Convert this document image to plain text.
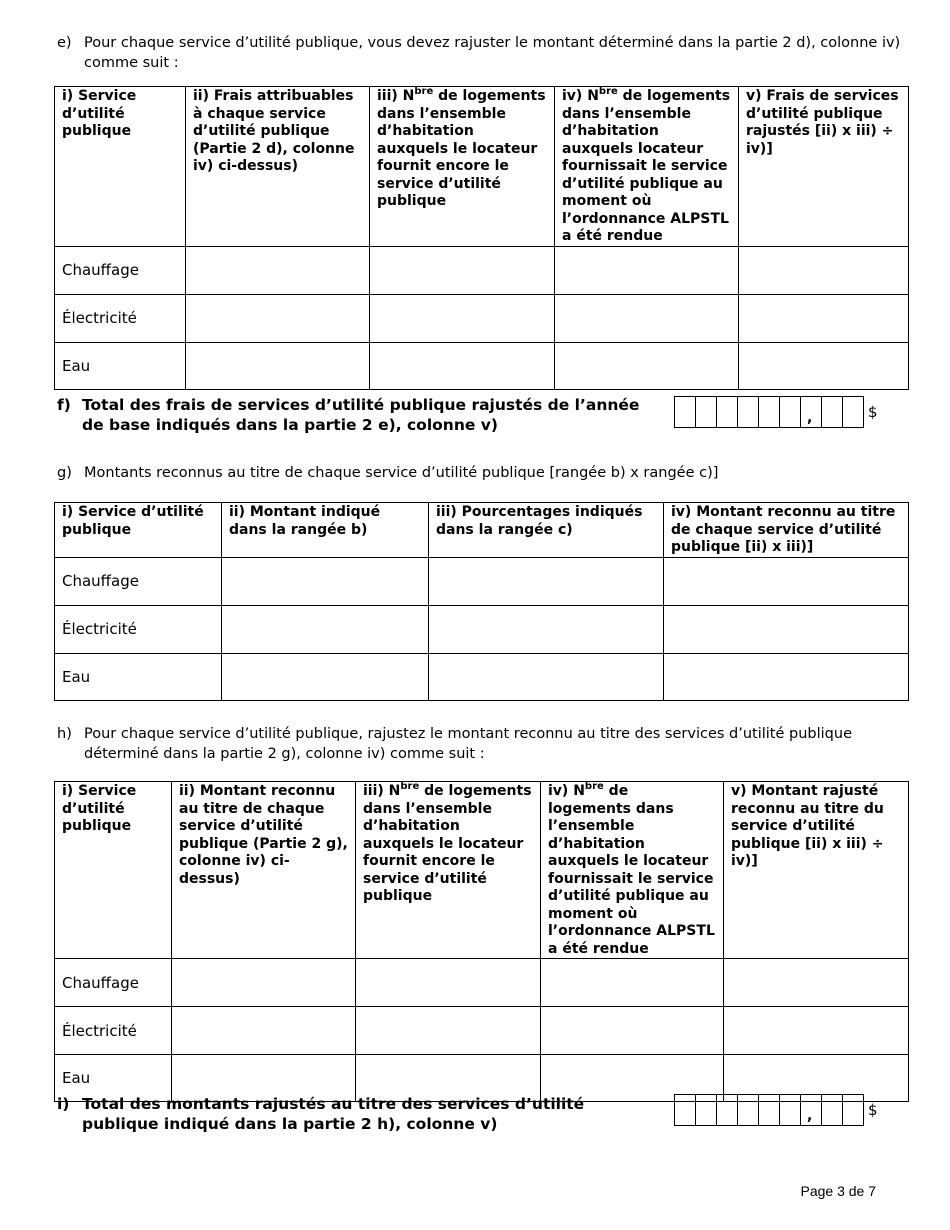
e) Pour chaque service d’utilité publique, vous devez rajuster le montant déterminé dans la partie 2 d), colonne iv) comme suit :
i) Service d’utilité publique	ii) Frais attribuables à chaque service d’utilité publique (Partie 2 d), colonne iv) ci-dessus)	iii) $N^{bre}$ de logements dans l’ensemble d’habitation auxquels le locateur fournit encore le service d’utilité publique	iv) $N^{bre}$ de logements dans l’ensemble d’habitation auxquels locateur fournissait le service d’utilité publique au moment où l’ordonnance ALPSTL a été rendue	v) Frais de services d’utilité publique rajustés [ii) x iii) ÷ iv)]
Chauffage				
Électricité				
Eau				
f) Total des frais de services d’utilité publique rajustés de l’année de base indiqués dans la partie 2 e), colonne v)	,	$
g) Montants reconnus au titre de chaque service d’utilité publique [rangée b) x rangée c)]
i) Service d’utilité publique	ii) Montant indiqué dans la rangée b)	iii) Pourcentages indiqués dans la rangée c)	iv) Montant reconnu au titre de chaque service d’utilité publique [ii) x iii)]
Chauffage			
Électricité			
Eau			
h) Pour chaque service d’utilité publique, rajustez le montant reconnu au titre des services d’utilité publique déterminé dans la partie 2 g), colonne iv) comme suit :
i) Service d’utilité publique	ii) Montant reconnu au titre de chaque service d’utilité publique (Partie 2 g), colonne iv) ci-dessus)	iii) $N^{bre}$ de logements dans l’ensemble d’habitation auxquels le locateur fournit encore le service d’utilité publique	iv) $N^{bre}$ de logements dans l’ensemble d’habitation auxquels le locateur fournissait le service d’utilité publique au moment où l’ordonnance ALPSTL a été rendue	v) Montant rajusté reconnu au titre du service d’utilité publique [ii) x iii) ÷ iv)]
Chauffage				
Électricité				
Eau				
i) Total des montants rajustés au titre des services d’utilité publique indiqué dans la partie 2 h), colonne v)	,	$
Page 3 de 7
